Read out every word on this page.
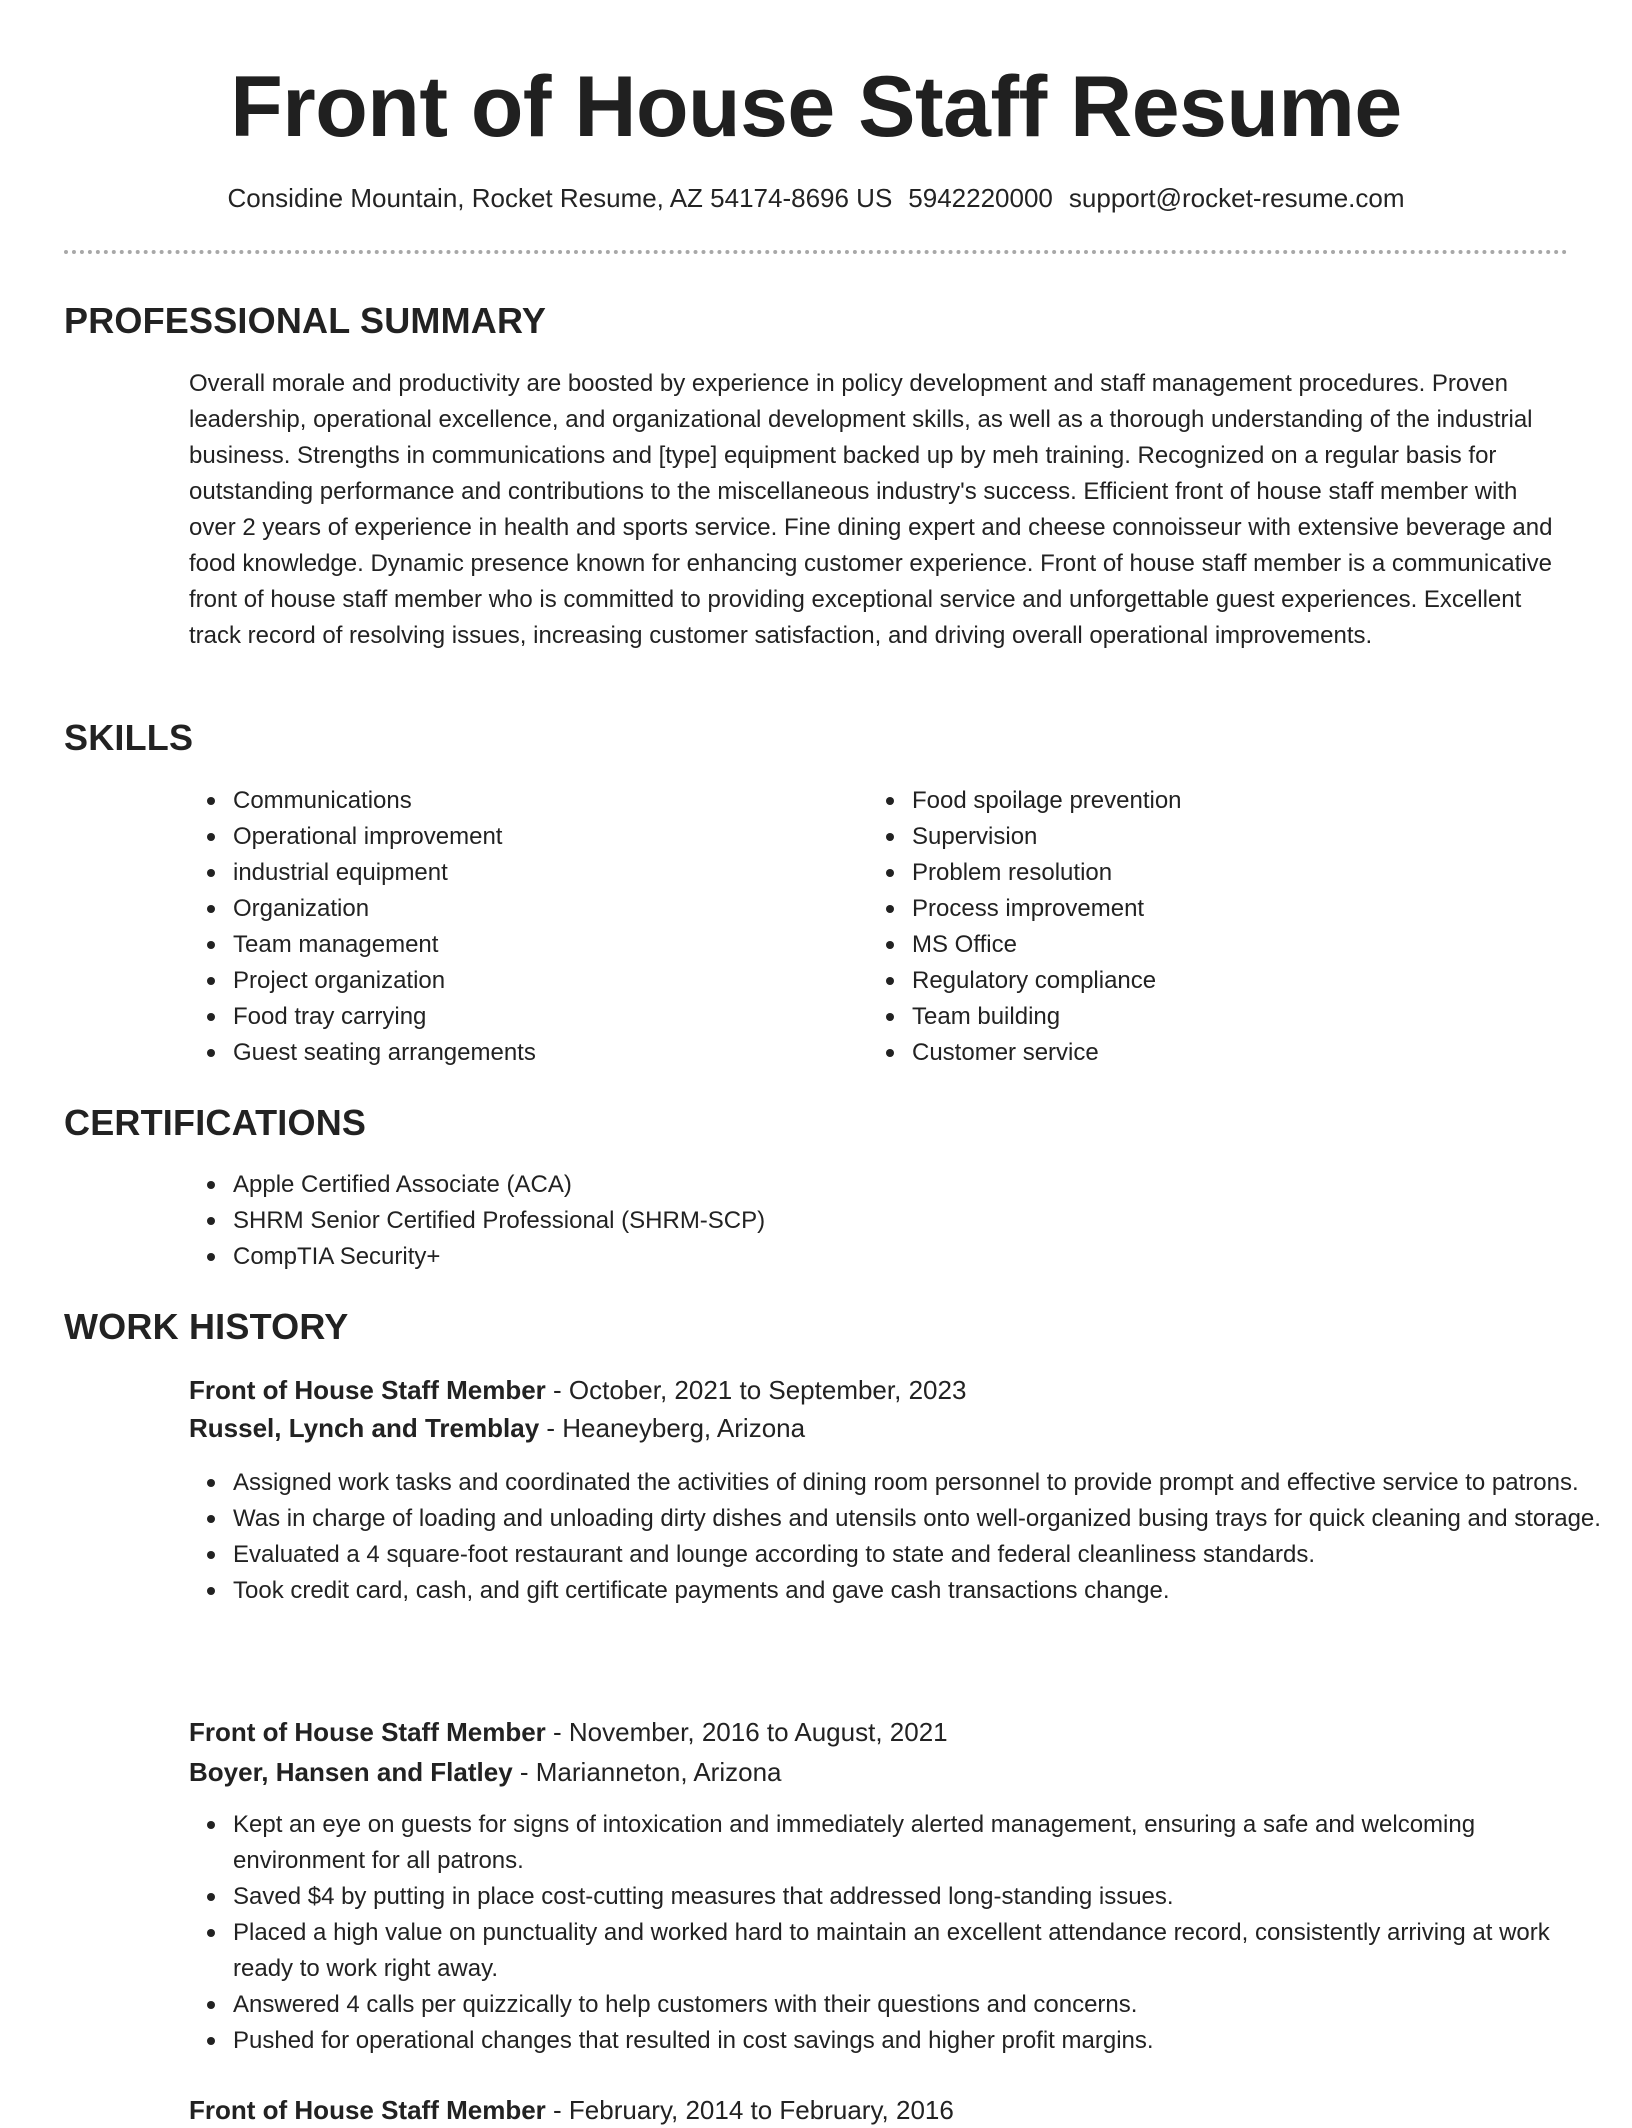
Front of House Staff Resume
Considine Mountain, Rocket Resume, AZ 54174-8696 US 5942220000 support@rocket-resume.com
PROFESSIONAL SUMMARY

Overall morale and productivity are boosted by experience in policy development and staff management procedures. Proven leadership, operational excellence, and organizational development skills, as well as a thorough understanding of the industrial business. Strengths in communications and [type] equipment backed up by meh training. Recognized on a regular basis for outstanding performance and contributions to the miscellaneous industry's success. Efficient front of house staff member with over 2 years of experience in health and sports service. Fine dining expert and cheese connoisseur with extensive beverage and food knowledge. Dynamic presence known for enhancing customer experience. Front of house staff member is a communicative front of house staff member who is committed to providing exceptional service and unforgettable guest experiences. Excellent track record of resolving issues, increasing customer satisfaction, and driving overall operational improvements.

SKILLS
Communications
Operational improvement
industrial equipment
Organization
Team management
Project organization
Food tray carrying
Guest seating arrangements
Food spoilage prevention
Supervision
Problem resolution
Process improvement
MS Office
Regulatory compliance
Team building
Customer service
CERTIFICATIONS
Apple Certified Associate (ACA)
SHRM Senior Certified Professional (SHRM-SCP)
CompTIA Security+
WORK HISTORY
Front of House Staff Member - October, 2021 to September, 2023
Russel, Lynch and Tremblay - Heaneyberg, Arizona
Assigned work tasks and coordinated the activities of dining room personnel to provide prompt and effective service to patrons.
Was in charge of loading and unloading dirty dishes and utensils onto well-organized busing trays for quick cleaning and storage.
Evaluated a 4 square-foot restaurant and lounge according to state and federal cleanliness standards.
Took credit card, cash, and gift certificate payments and gave cash transactions change.
Front of House Staff Member - November, 2016 to August, 2021
Boyer, Hansen and Flatley - Marianneton, Arizona
Kept an eye on guests for signs of intoxication and immediately alerted management, ensuring a safe and welcoming environment for all patrons.
Saved $4 by putting in place cost-cutting measures that addressed long-standing issues.
Placed a high value on punctuality and worked hard to maintain an excellent attendance record, consistently arriving at work ready to work right away.
Answered 4 calls per quizzically to help customers with their questions and concerns.
Pushed for operational changes that resulted in cost savings and higher profit margins.
Front of House Staff Member - February, 2014 to February, 2016
